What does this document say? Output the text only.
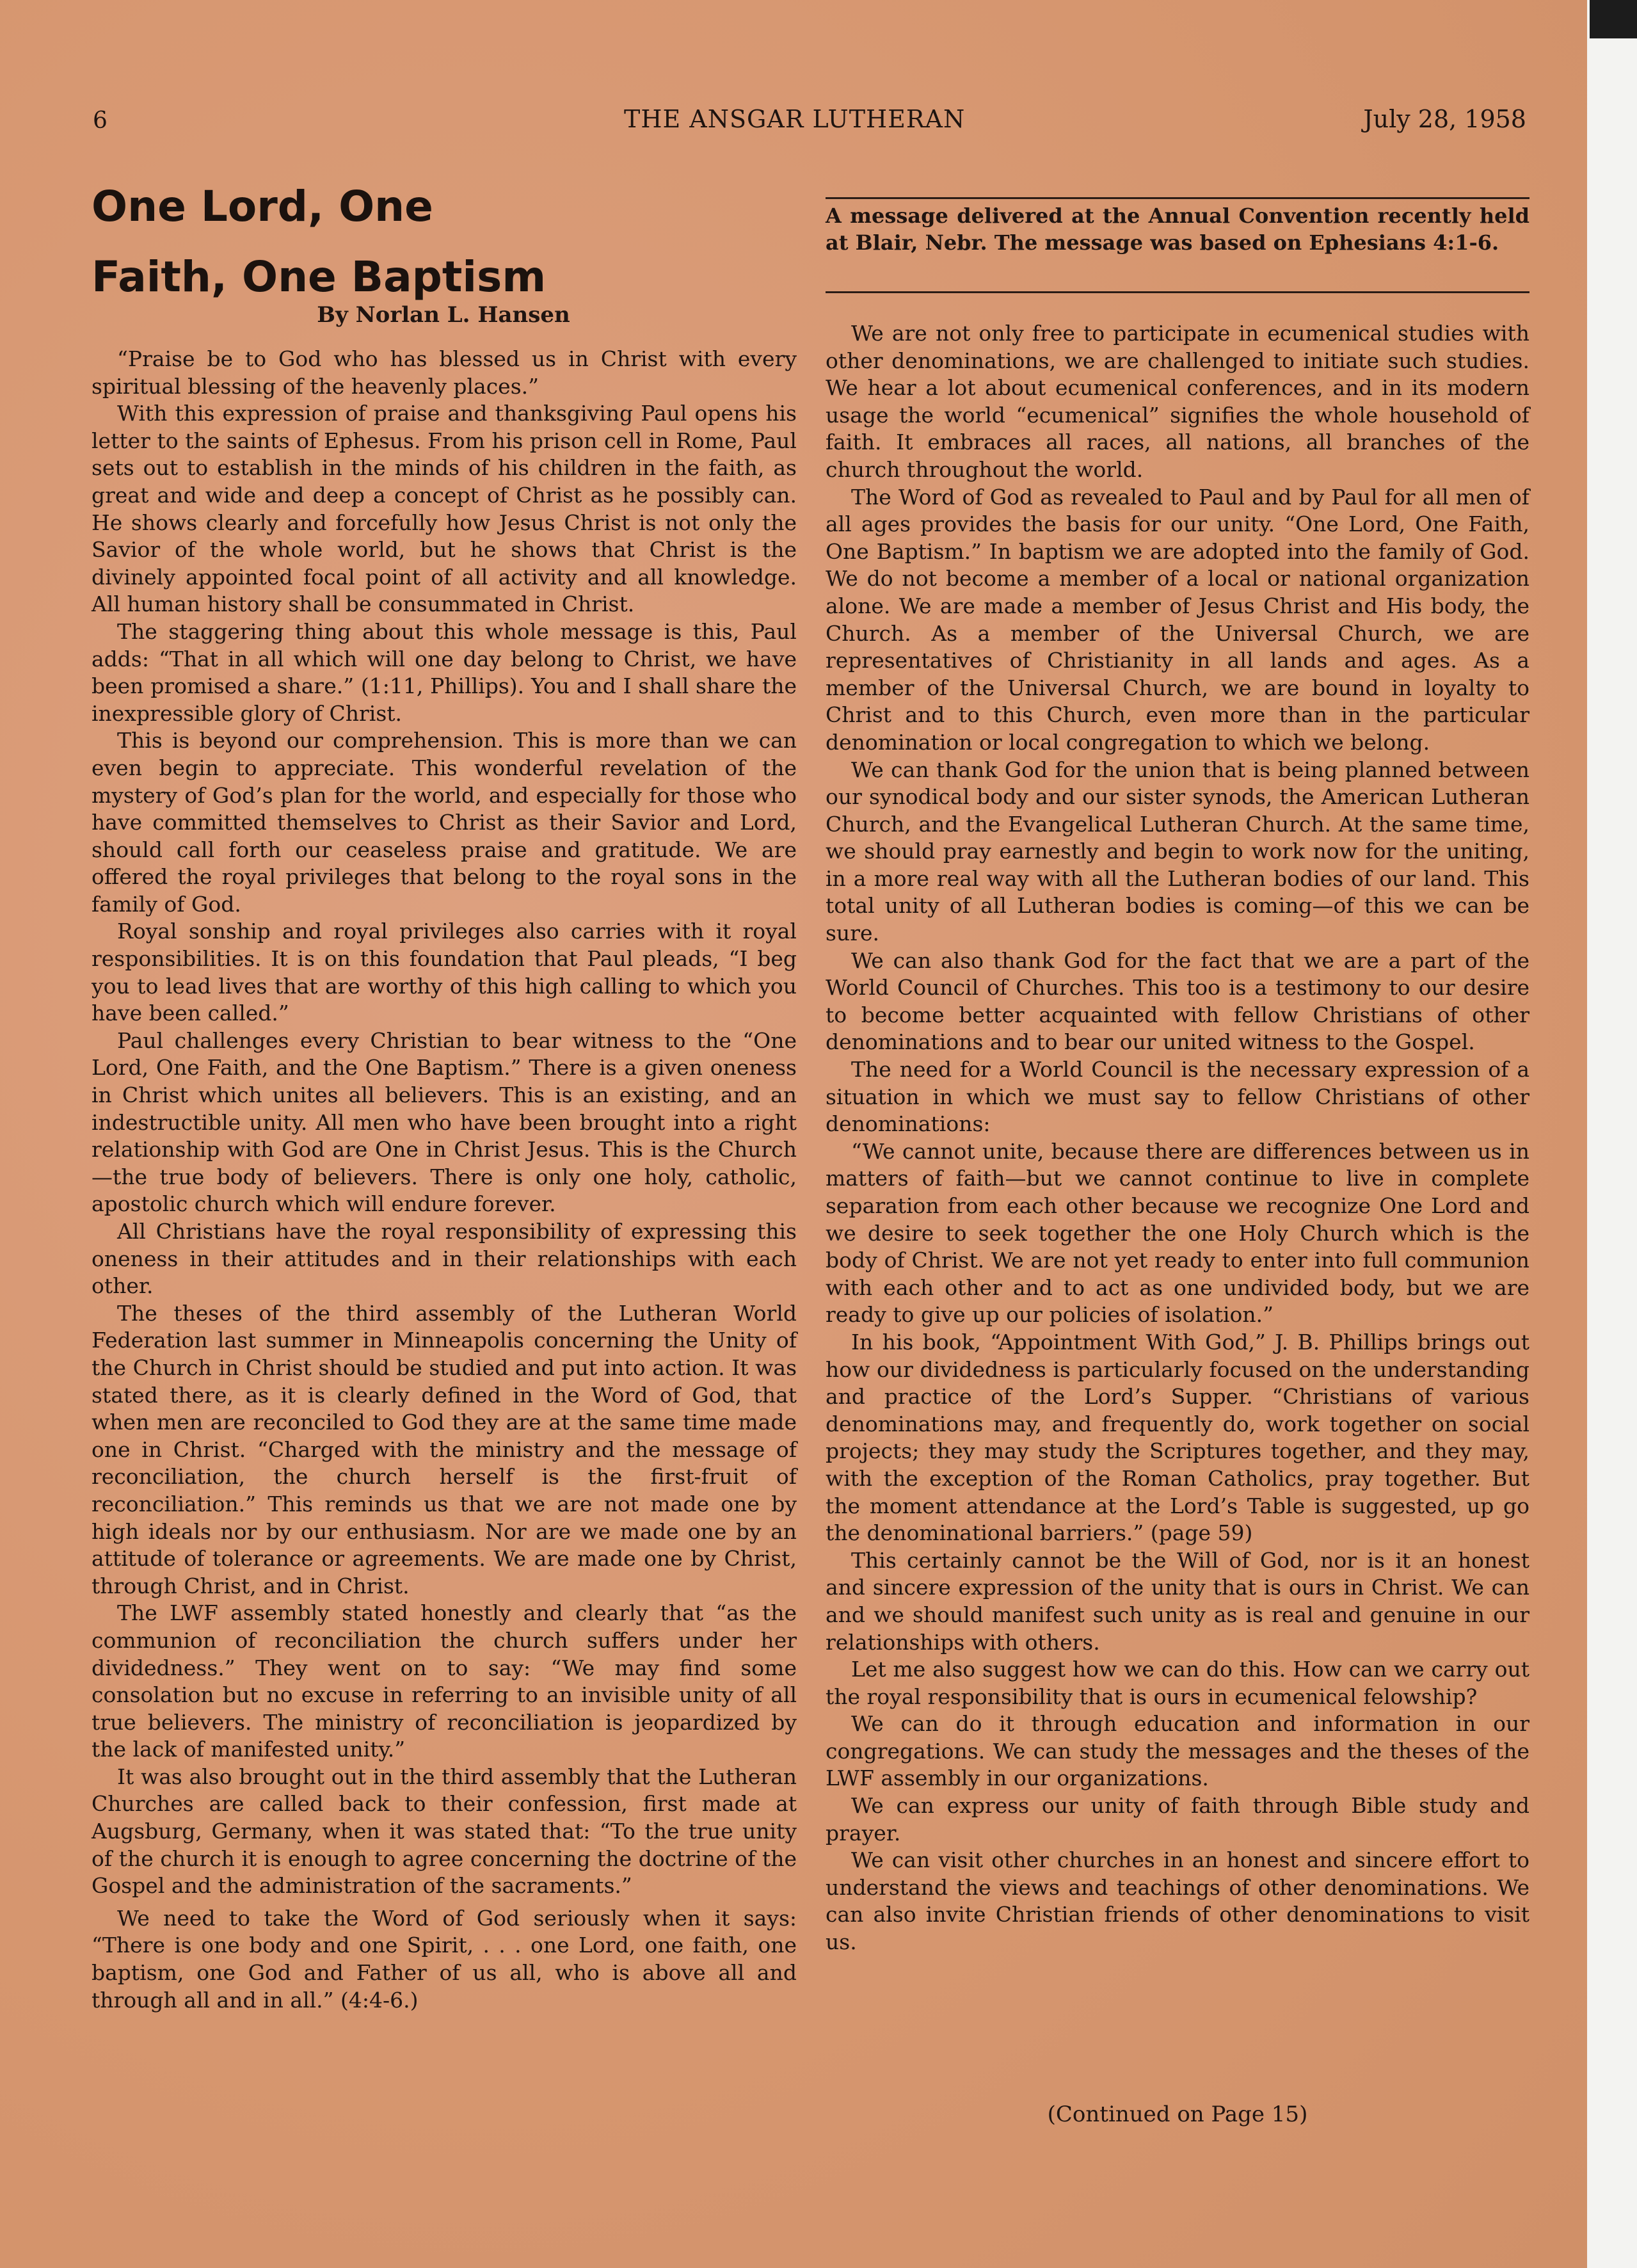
6	THE ANSGAR LUTHERAN	July 28, 1958
One Lord, One Faith, One Baptism
By Norlan L. Hansen
A message delivered at the Annual Convention recently held at Blair, Nebr. The message was based on Ephesians 4:1-6.

“Praise be to God who has blessed us in Christ with every spiritual blessing of the heavenly places.”

With this expression of praise and thanksgiving Paul opens his letter to the saints of Ephesus. From his prison cell in Rome, Paul sets out to establish in the minds of his children in the faith, as great and wide and deep a concept of Christ as he possibly can. He shows clearly and forcefully how Jesus Christ is not only the Savior of the whole world, but he shows that Christ is the divinely appointed focal point of all activity and all knowledge. All human history shall be consummated in Christ.

The staggering thing about this whole message is this, Paul adds: “That in all which will one day belong to Christ, we have been promised a share.” (1:11, Phillips). You and I shall share the inexpressible glory of Christ.

This is beyond our comprehension. This is more than we can even begin to appreciate. This wonderful revelation of the mystery of God’s plan for the world, and especially for those who have committed themselves to Christ as their Savior and Lord, should call forth our ceaseless praise and gratitude. We are offered the royal privileges that belong to the royal sons in the family of God.

Royal sonship and royal privileges also carries with it royal responsibilities. It is on this foundation that Paul pleads, “I beg you to lead lives that are worthy of this high calling to which you have been called.”

Paul challenges every Christian to bear witness to the “One Lord, One Faith, and the One Baptism.” There is a given oneness in Christ which unites all believers. This is an existing, and an indestructible unity. All men who have been brought into a right relationship with God are One in Christ Jesus. This is the Church—the true body of believers. There is only one holy, catholic, apostolic church which will endure forever.

All Christians have the royal responsibility of expressing this oneness in their attitudes and in their relationships with each other.

The theses of the third assembly of the Lutheran World Federation last summer in Minneapolis concerning the Unity of the Church in Christ should be studied and put into action. It was stated there, as it is clearly defined in the Word of God, that when men are reconciled to God they are at the same time made one in Christ. “Charged with the ministry and the message of reconciliation, the church herself is the first-fruit of reconciliation.” This reminds us that we are not made one by high ideals nor by our enthusiasm. Nor are we made one by an attitude of tolerance or agreements. We are made one by Christ, through Christ, and in Christ.

The LWF assembly stated honestly and clearly that “as the communion of reconciliation the church suffers under her dividedness.” They went on to say: “We may find some consolation but no excuse in referring to an invisible unity of all true believers. The ministry of reconciliation is jeopardized by the lack of manifested unity.”

It was also brought out in the third assembly that the Lutheran Churches are called back to their confession, first made at Augsburg, Germany, when it was stated that: “To the true unity of the church it is enough to agree concerning the doctrine of the Gospel and the administration of the sacraments.”

We need to take the Word of God seriously when it says: “There is one body and one Spirit, . . . one Lord, one faith, one baptism, one God and Father of us all, who is above all and through all and in all.” (4:4-6.)

We are not only free to participate in ecumenical studies with other denominations, we are challenged to initiate such studies. We hear a lot about ecumenical conferences, and in its modern usage the world “ecumenical” signifies the whole household of faith. It embraces all races, all nations, all branches of the church throughout the world.

The Word of God as revealed to Paul and by Paul for all men of all ages provides the basis for our unity. “One Lord, One Faith, One Baptism.” In baptism we are adopted into the family of God. We do not become a member of a local or national organization alone. We are made a member of Jesus Christ and His body, the Church. As a member of the Universal Church, we are representatives of Christianity in all lands and ages. As a member of the Universal Church, we are bound in loyalty to Christ and to this Church, even more than in the particular denomination or local congregation to which we belong.

We can thank God for the union that is being planned between our synodical body and our sister synods, the American Lutheran Church, and the Evangelical Lutheran Church. At the same time, we should pray earnestly and begin to work now for the uniting, in a more real way with all the Lutheran bodies of our land. This total unity of all Lutheran bodies is coming—of this we can be sure.

We can also thank God for the fact that we are a part of the World Council of Churches. This too is a testimony to our desire to become better acquainted with fellow Christians of other denominations and to bear our united witness to the Gospel.

The need for a World Council is the necessary expression of a situation in which we must say to fellow Christians of other denominations:

“We cannot unite, because there are differences between us in matters of faith—but we cannot continue to live in complete separation from each other because we recognize One Lord and we desire to seek together the one Holy Church which is the body of Christ. We are not yet ready to enter into full communion with each other and to act as one undivided body, but we are ready to give up our policies of isolation.”

In his book, “Appointment With God,” J. B. Phillips brings out how our dividedness is particularly focused on the understanding and practice of the Lord’s Supper. “Christians of various denominations may, and frequently do, work together on social projects; they may study the Scriptures together, and they may, with the exception of the Roman Catholics, pray together. But the moment attendance at the Lord’s Table is suggested, up go the denominational barriers.” (page 59)

This certainly cannot be the Will of God, nor is it an honest and sincere expression of the unity that is ours in Christ. We can and we should manifest such unity as is real and genuine in our relationships with others.

Let me also suggest how we can do this. How can we carry out the royal responsibility that is ours in ecumenical felowship?

We can do it through education and information in our congregations. We can study the messages and the theses of the LWF assembly in our organizations.

We can express our unity of faith through Bible study and prayer.

We can visit other churches in an honest and sincere effort to understand the views and teachings of other denominations. We can also invite Christian friends of other denominations to visit us.

(Continued on Page 15)
